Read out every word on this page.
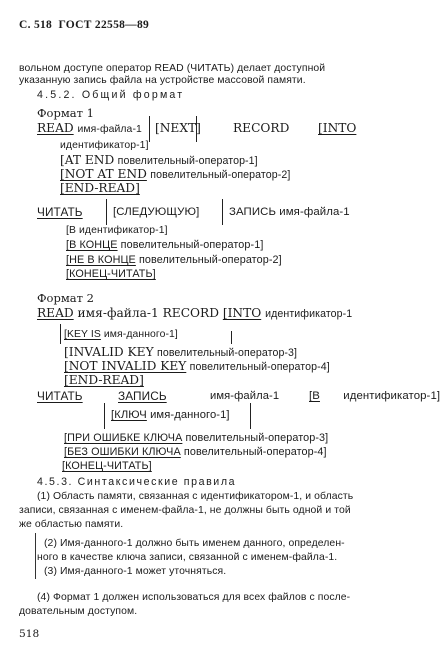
С. 518 ГОСТ 22558—89
вольном доступе оператор READ (ЧИТАТЬ) делает доступной
указанную запись файла на устройстве массовой памяти.
4.5.2. Общий формат
Формат 1
READ имя-файла-1 [NEXT]	RECORD [INTO
идентификатор-1]
[AT END повелительный-оператор-1]
[NOT AT END повелительный-оператор-2]
[END-READ]
ЧИТАТЬ	[СЛЕДУЮЩУЮ]	ЗАПИСЬ имя-файла-1
[В идентификатор-1]
[В КОНЦЕ повелительный-оператор-1]
[НЕ В КОНЦЕ повелительный-оператор-2]
[КОНЕЦ-ЧИТАТЬ]
Формат 2
READ имя-файла-1 RECORD [INTO идентификатор-1
[KEY IS имя-данного-1]
[INVALID KEY повелительный-оператор-3]
[NOT INVALID KEY повелительный-оператор-4]
[END-READ]
ЧИТАТЬ	ЗАПИСЬ	имя-файла-1	[В идентификатор-1]
[КЛЮЧ имя-данного-1]
[ПРИ ОШИБКЕ КЛЮЧА повелительный-оператор-3]
[БЕЗ ОШИБКИ КЛЮЧА повелительный-оператор-4]
[КОНЕЦ-ЧИТАТЬ]
4.5.3. Синтаксические правила
(1) Область памяти, связанная с идентификатором-1, и область
записи, связанная с именем-файла-1, не должны быть одной и той
же областью памяти.
(2) Имя-данного-1 должно быть именем данного, определен-
ного в качестве ключа записи, связанной с именем-файла-1.
(3) Имя-данного-1 может уточняться.
(4) Формат 1 должен использоваться для всех файлов с после-
довательным доступом.
518
